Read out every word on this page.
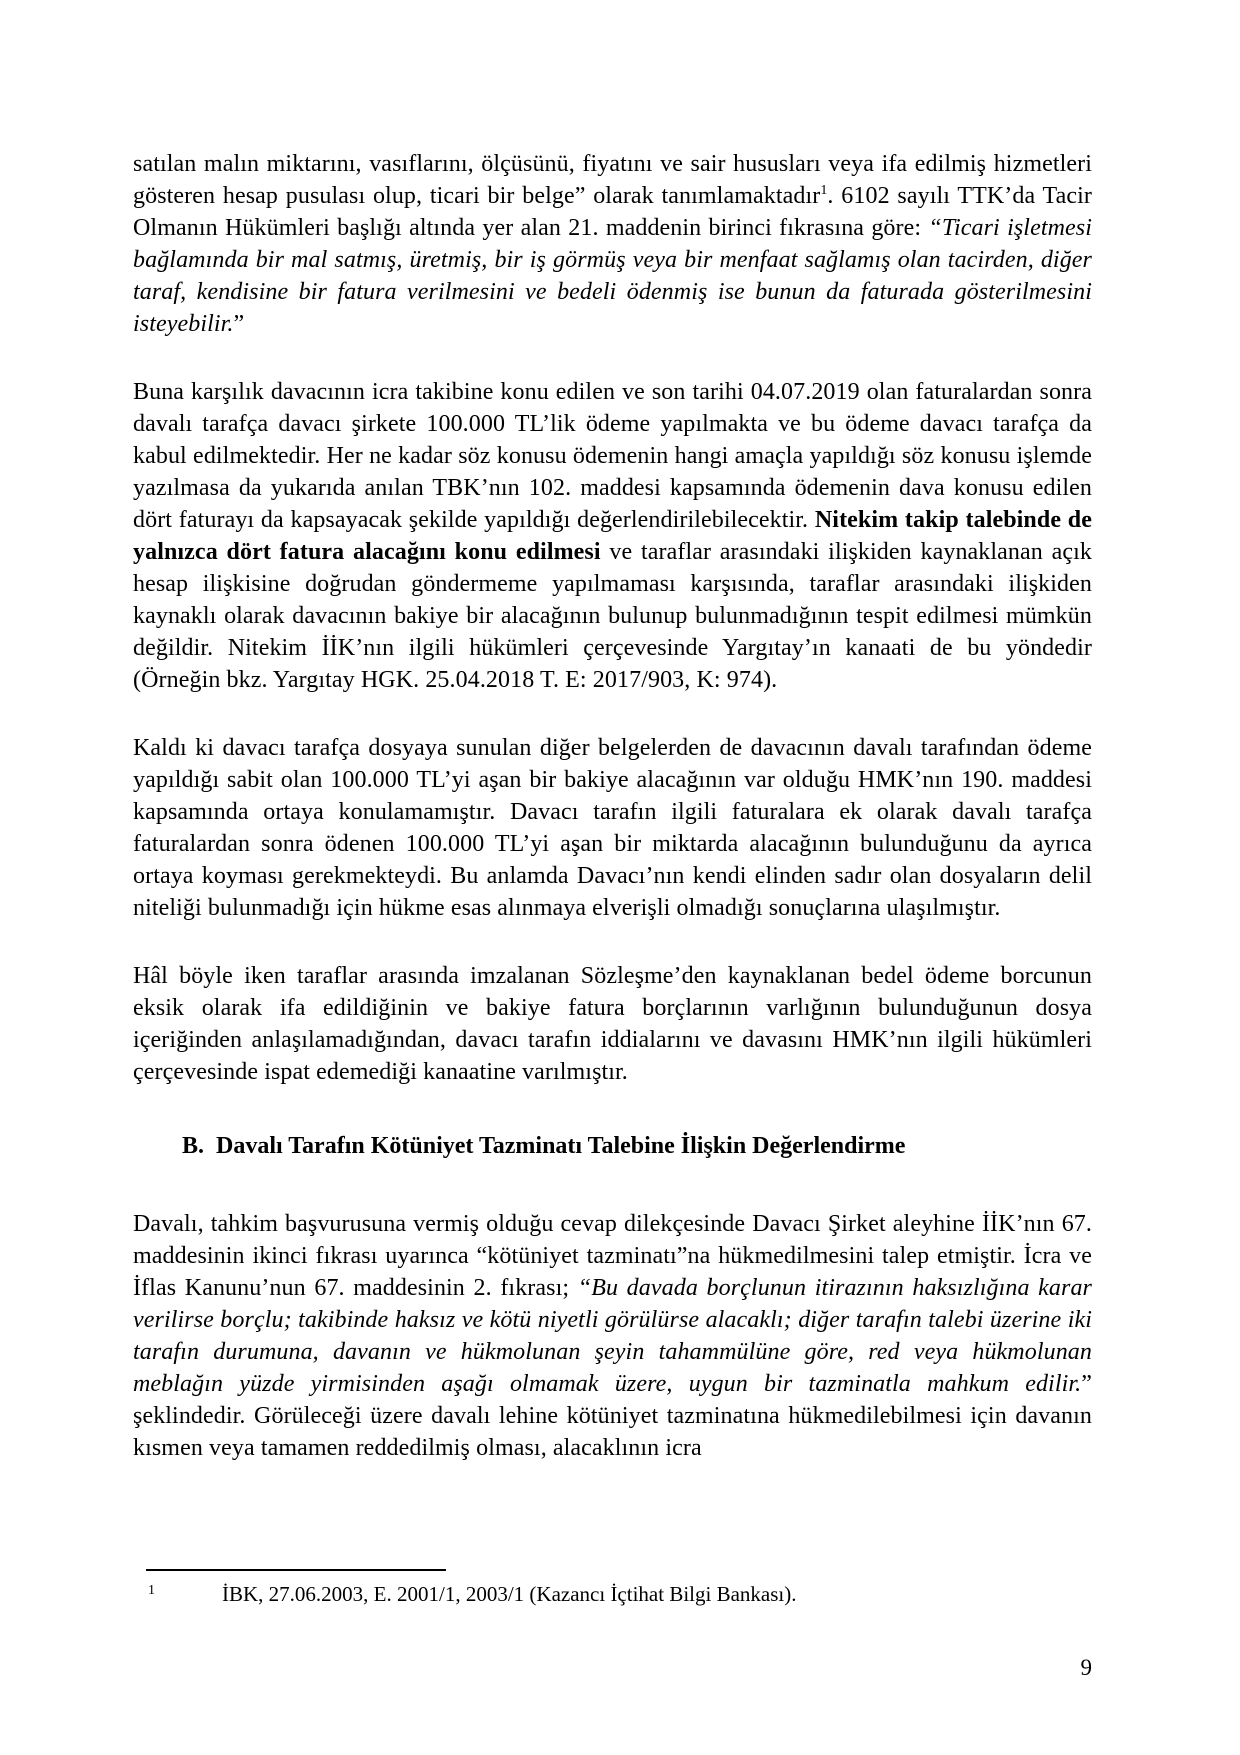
satılan malın miktarını, vasıflarını, ölçüsünü, fiyatını ve sair hususları veya ifa edilmiş hizmetleri gösteren hesap pusulası olup, ticari bir belge” olarak tanımlamaktadır$^1$. 6102 sayılı TTK’da Tacir Olmanın Hükümleri başlığı altında yer alan 21. maddenin birinci fıkrasına göre: “Ticari işletmesi bağlamında bir mal satmış, üretmiş, bir iş görmüş veya bir menfaat sağlamış olan tacirden, diğer taraf, kendisine bir fatura verilmesini ve bedeli ödenmiş ise bunun da faturada gösterilmesini isteyebilir.”

Buna karşılık davacının icra takibine konu edilen ve son tarihi 04.07.2019 olan faturalardan sonra davalı tarafça davacı şirkete 100.000 TL’lik ödeme yapılmakta ve bu ödeme davacı tarafça da kabul edilmektedir. Her ne kadar söz konusu ödemenin hangi amaçla yapıldığı söz konusu işlemde yazılmasa da yukarıda anılan TBK’nın 102. maddesi kapsamında ödemenin dava konusu edilen dört faturayı da kapsayacak şekilde yapıldığı değerlendirilebilecektir. Nitekim takip talebinde de yalnızca dört fatura alacağını konu edilmesi ve taraflar arasındaki ilişkiden kaynaklanan açık hesap ilişkisine doğrudan göndermeme yapılmaması karşısında, taraflar arasındaki ilişkiden kaynaklı olarak davacının bakiye bir alacağının bulunup bulunmadığının tespit edilmesi mümkün değildir. Nitekim İİK’nın ilgili hükümleri çerçevesinde Yargıtay’ın kanaati de bu yöndedir (Örneğin bkz. Yargıtay HGK. 25.04.2018 T. E: 2017/903, K: 974).

Kaldı ki davacı tarafça dosyaya sunulan diğer belgelerden de davacının davalı tarafından ödeme yapıldığı sabit olan 100.000 TL’yi aşan bir bakiye alacağının var olduğu HMK’nın 190. maddesi kapsamında ortaya konulamamıştır. Davacı tarafın ilgili faturalara ek olarak davalı tarafça faturalardan sonra ödenen 100.000 TL’yi aşan bir miktarda alacağının bulunduğunu da ayrıca ortaya koyması gerekmekteydi. Bu anlamda Davacı’nın kendi elinden sadır olan dosyaların delil niteliği bulunmadığı için hükme esas alınmaya elverişli olmadığı sonuçlarına ulaşılmıştır.

Hâl böyle iken taraflar arasında imzalanan Sözleşme’den kaynaklanan bedel ödeme borcunun eksik olarak ifa edildiğinin ve bakiye fatura borçlarının varlığının bulunduğunun dosya içeriğinden anlaşılamadığından, davacı tarafın iddialarını ve davasını HMK’nın ilgili hükümleri çerçevesinde ispat edemediği kanaatine varılmıştır.

B. Davalı Tarafın Kötüniyet Tazminatı Talebine İlişkin Değerlendirme

Davalı, tahkim başvurusuna vermiş olduğu cevap dilekçesinde Davacı Şirket aleyhine İİK’nın 67. maddesinin ikinci fıkrası uyarınca “kötüniyet tazminatı”na hükmedilmesini talep etmiştir. İcra ve İflas Kanunu’nun 67. maddesinin 2. fıkrası; “Bu davada borçlunun itirazının haksızlığına karar verilirse borçlu; takibinde haksız ve kötü niyetli görülürse alacaklı; diğer tarafın talebi üzerine iki tarafın durumuna, davanın ve hükmolunan şeyin tahammülüne göre, red veya hükmolunan meblağın yüzde yirmisinden aşağı olmamak üzere, uygun bir tazminatla mahkum edilir.” şeklindedir. Görüleceği üzere davalı lehine kötüniyet tazminatına hükmedilebilmesi için davanın kısmen veya tamamen reddedilmiş olması, alacaklının icra

1	İBK, 27.06.2003, E. 2001/1, 2003/1 (Kazancı İçtihat Bilgi Bankası).
9
